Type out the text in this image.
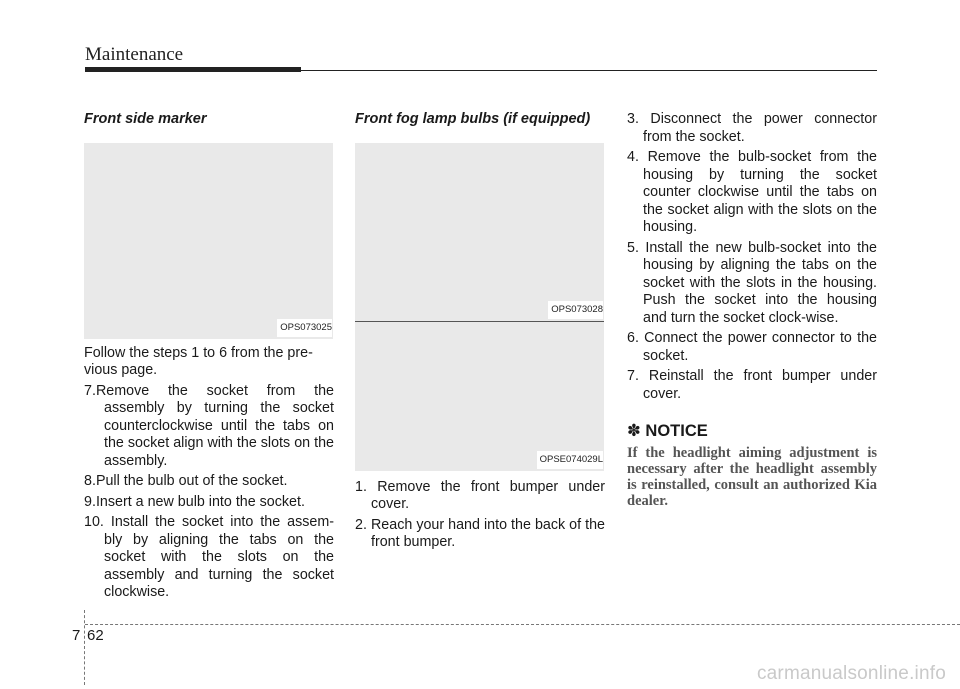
Maintenance

Front side marker

OPS073025

Follow the steps 1 to 6 from the pre-vious page.

7.Remove the socket from the assembly by turning the socket counterclockwise until the tabs on the socket align with the slots on the assembly.
8.Pull the bulb out of the socket.
9.Insert a new bulb into the socket.
10. Install the socket into the assem-bly by aligning the tabs on the socket with the slots on the assembly and turning the socket clockwise.

Front fog lamp bulbs (if equipped)

OPS073028
OPSE074029L
1. Remove the front bumper under cover.
2. Reach your hand into the back of the front bumper.
3. Disconnect the power connector from the socket.
4. Remove the bulb-socket from the housing by turning the socket counter clockwise until the tabs on the socket align with the slots on the housing.
5. Install the new bulb-socket into the housing by aligning the tabs on the socket with the slots in the housing. Push the socket into the housing and turn the socket clock-wise.
6. Connect the power connector to the socket.
7. Reinstall the front bumper under cover.
✽ NOTICE

If the headlight aiming adjustment is necessary after the headlight assembly is reinstalled, consult an authorized Kia dealer.

7 62
carmanualsonline.info
